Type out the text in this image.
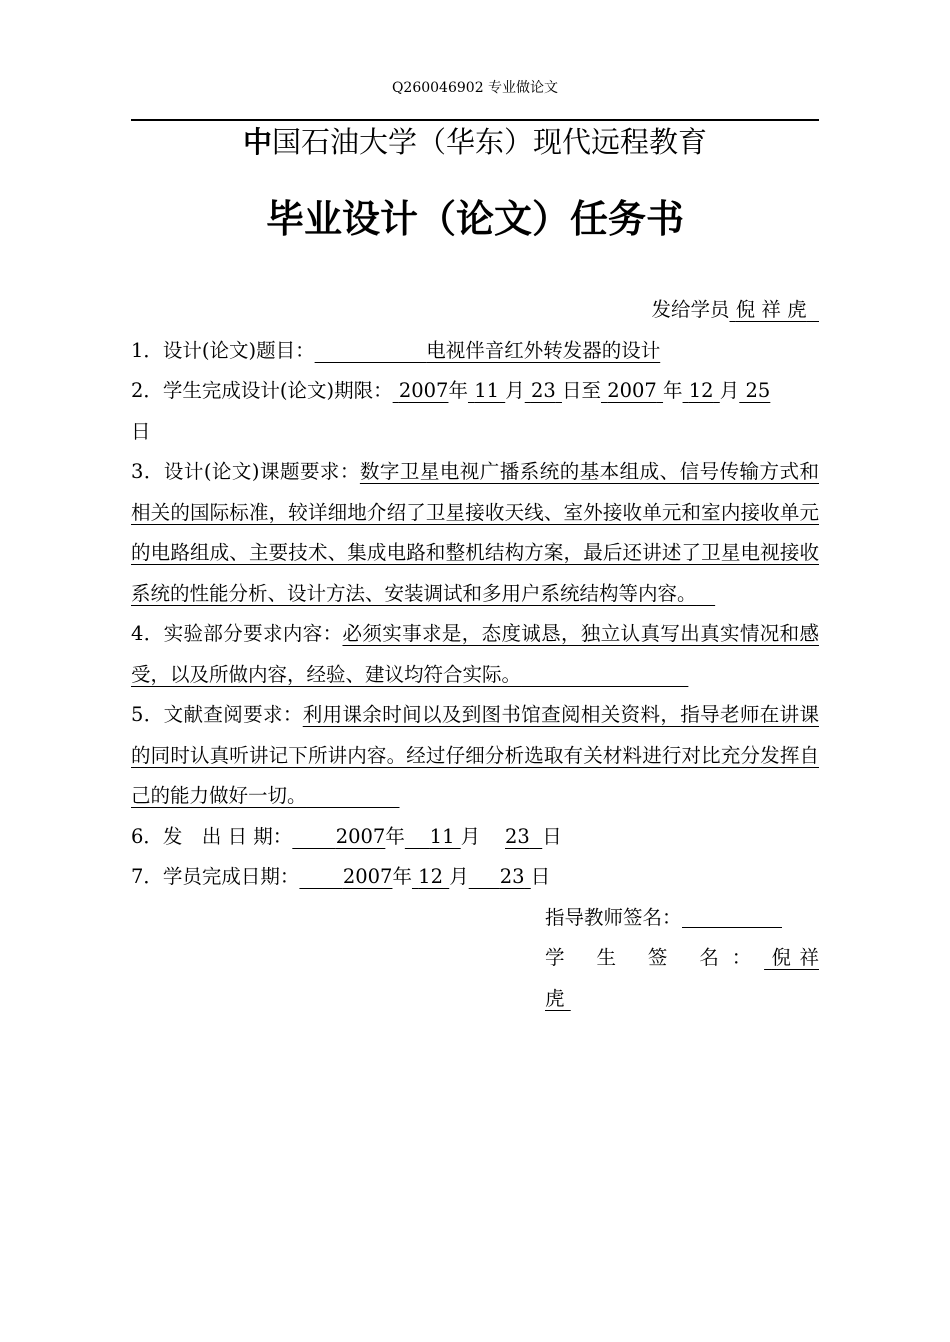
Q260046902 专业做论文
中国石油大学（华东）现代远程教育
毕业设计（论文）任务书

发给学员 倪 祥 虎

1．设计(论文)题目：	电视伴音红外转发器的设计

2．学生完成设计(论文)期限： 2007年 11 月 23 日至 2007 年 12 月 25
日

3．设计(论文)课题要求：数字卫星电视广播系统的基本组成、信号传输方式和相关的国际标准，较详细地介绍了卫星接收天线、室外接收单元和室内接收单元的电路组成、主要技术、集成电路和整机结构方案，最后还讲述了卫星电视接收系统的性能分析、设计方法、安装调试和多用户系统结构等内容。

4．实验部分要求内容：必须实事求是，态度诚恳，独立认真写出真实情况和感受，以及所做内容，经验、建议均符合实际。

5．文献查阅要求：利用课余时间以及到图书馆查阅相关资料，指导老师在讲课的同时认真听讲记下所讲内容。经过仔细分析选取有关材料进行对比充分发挥自己的能力做好一切。

6．发　出 日 期： 2007年 11 月 23 日

7．学员完成日期： 2007年 12 月 23 日

指导教师签名：

学 生 签 名： 倪 祥 虎
